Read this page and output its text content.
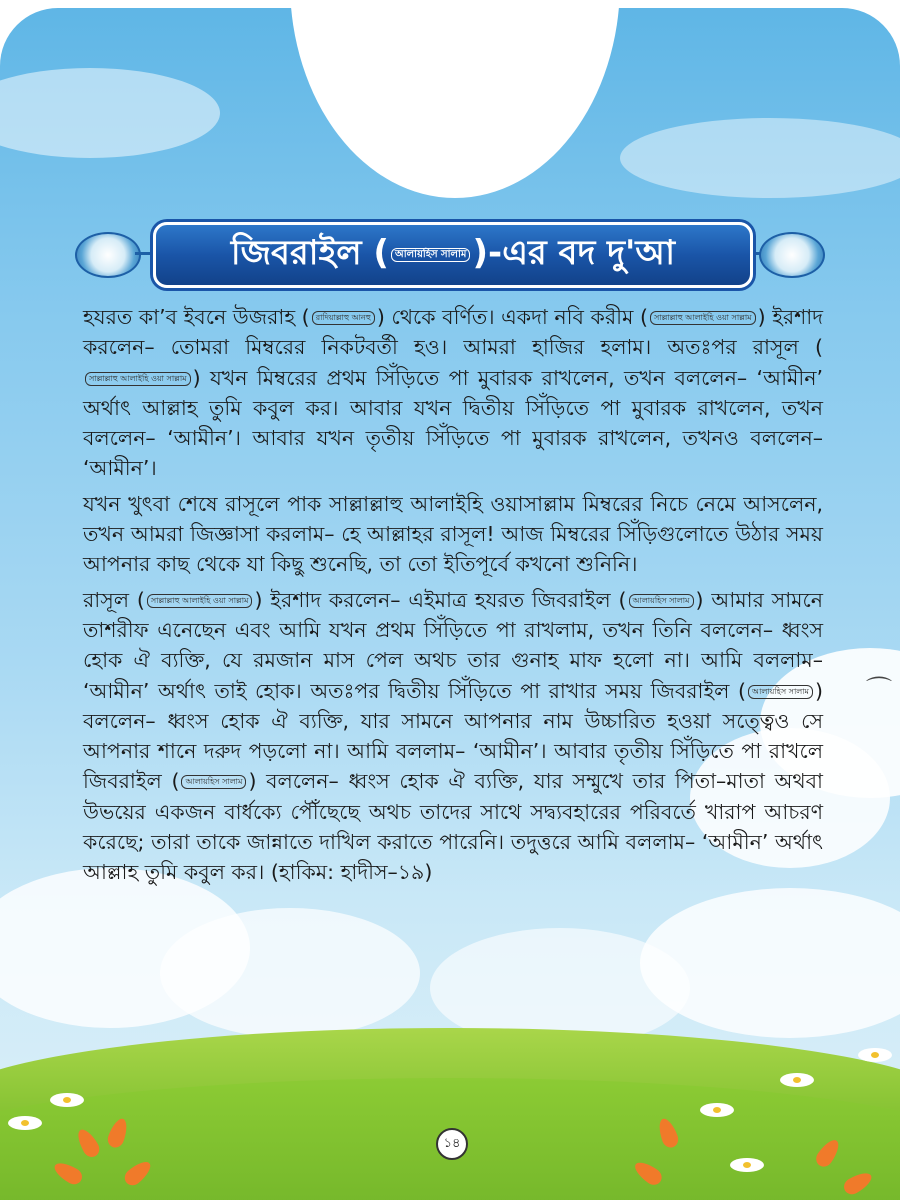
⌒
জিবরাইল ( আলায়হিস সালাম )-এর বদ দু'আ

হযরত কা’ব ইবনে উজরাহ ( রাদিয়াল্লাহু আনহু ) থেকে বর্ণিত। একদা নবি করীম ( সাল্লাল্লাহু আলাইহি ওয়া সাল্লাম ) ইরশাদ করলেন– তোমরা মিম্বরের নিকটবর্তী হও। আমরা হাজির হলাম। অতঃপর রাসূল (সাল্লাল্লাহু আলাইহি ওয়া সাল্লাম ) যখন মিম্বরের প্রথম সিঁড়িতে পা মুবারক রাখলেন, তখন বললেন– ‘আমীন’ অর্থাৎ আল্লাহ তুমি কবুল কর। আবার যখন দ্বিতীয় সিঁড়িতে পা মুবারক রাখলেন, তখন বললেন– ‘আমীন’। আবার যখন তৃতীয় সিঁড়িতে পা মুবারক রাখলেন, তখনও বললেন– ‘আমীন’।

যখন খুৎবা শেষে রাসূলে পাক সাল্লাল্লাহু আলাইহি ওয়াসাল্লাম মিম্বরের নিচে নেমে আসলেন, তখন আমরা জিজ্ঞাসা করলাম– হে আল্লাহর রাসূল! আজ মিম্বরের সিঁড়িগুলোতে উঠার সময় আপনার কাছ থেকে যা কিছু শুনেছি, তা তো ইতিপূর্বে কখনো শুনিনি।

রাসূল ( সাল্লাল্লাহু আলাইহি ওয়া সাল্লাম ) ইরশাদ করলেন– এইমাত্র হযরত জিবরাইল ( আলায়হিস সালাম ) আমার সামনে তাশরীফ এনেছেন এবং আমি যখন প্রথম সিঁড়িতে পা রাখলাম, তখন তিনি বললেন– ধ্বংস হোক ঐ ব্যক্তি, যে রমজান মাস পেল অথচ তার গুনাহ মাফ হলো না। আমি বললাম– ‘আমীন’ অর্থাৎ তাই হোক। অতঃপর দ্বিতীয় সিঁড়িতে পা রাখার সময় জিবরাইল ( আলায়হিস সালাম ) বললেন– ধ্বংস হোক ঐ ব্যক্তি, যার সামনে আপনার নাম উচ্চারিত হওয়া সত্ত্বেও সে আপনার শানে দরুদ পড়লো না। আমি বললাম– ‘আমীন’। আবার তৃতীয় সিঁড়িতে পা রাখলে জিবরাইল ( আলায়হিস সালাম ) বললেন– ধ্বংস হোক ঐ ব্যক্তি, যার সম্মুখে তার পিতা–মাতা অথবা উভয়ের একজন বার্ধক্যে পৌঁছেছে অথচ তাদের সাথে সদ্ব্যবহারের পরিবর্তে খারাপ আচরণ করেছে; তারা তাকে জান্নাতে দাখিল করাতে পারেনি। তদুত্তরে আমি বললাম– ‘আমীন’ অর্থাৎ আল্লাহ তুমি কবুল কর। (হাকিম: হাদীস–১৯)

১৪
